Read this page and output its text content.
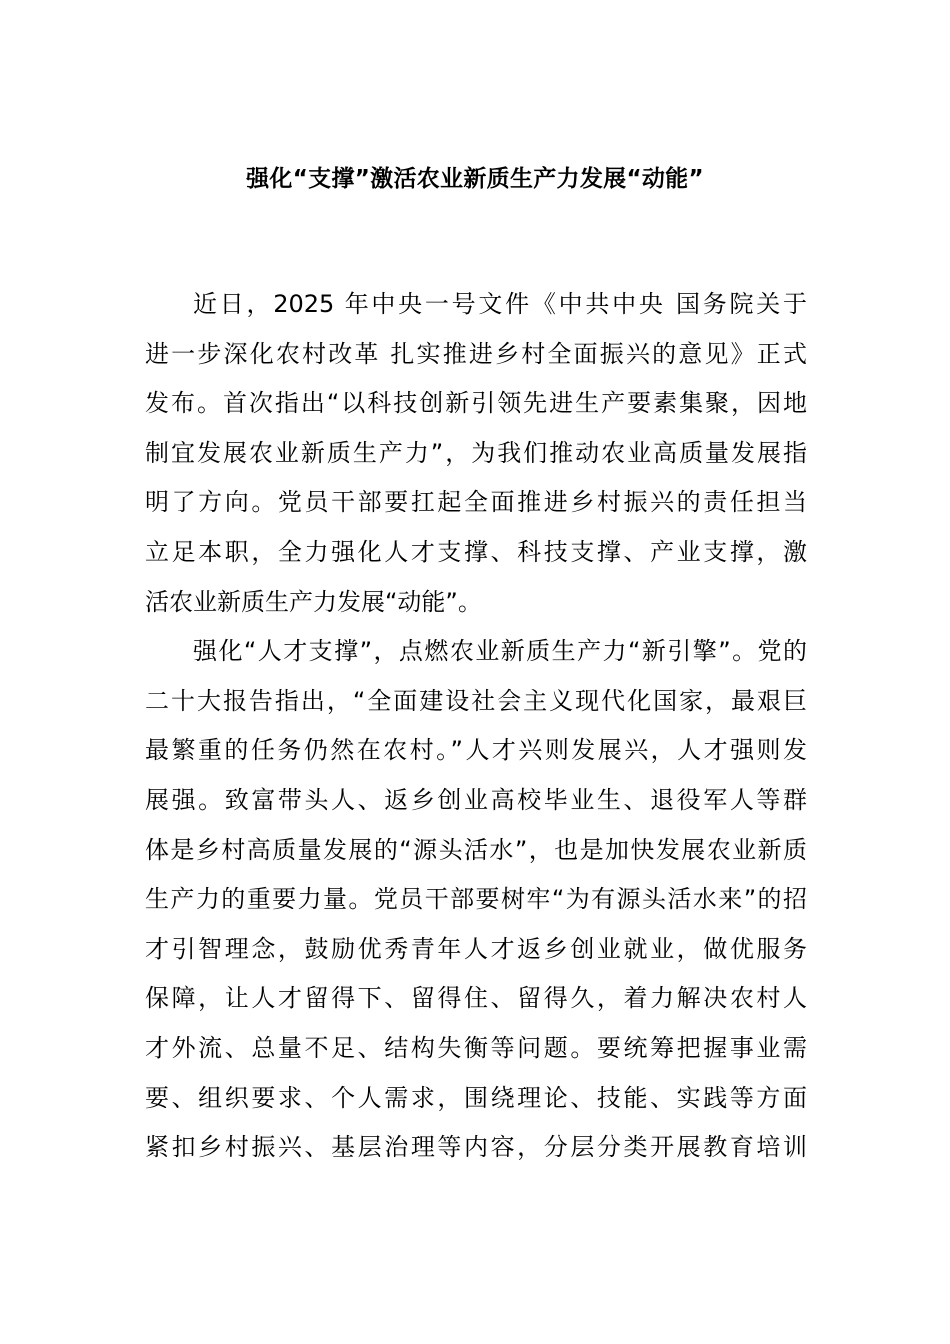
强化“支撑”激活农业新质生产力发展“动能”
近日，2025 年中央一号文件《中共中央 国务院关于
进一步深化农村改革 扎实推进乡村全面振兴的意见》正式
发布。首次指出“以科技创新引领先进生产要素集聚，因地
制宜发展农业新质生产力”，为我们推动农业高质量发展指
明了方向。党员干部要扛起全面推进乡村振兴的责任担当
立足本职，全力强化人才支撑、科技支撑、产业支撑，激
活农业新质生产力发展“动能”。
强化“人才支撑”，点燃农业新质生产力“新引擎”。党的
二十大报告指出，“全面建设社会主义现代化国家，最艰巨
最繁重的任务仍然在农村。”人才兴则发展兴，人才强则发
展强。致富带头人、返乡创业高校毕业生、退役军人等群
体是乡村高质量发展的“源头活水”，也是加快发展农业新质
生产力的重要力量。党员干部要树牢“为有源头活水来”的招
才引智理念，鼓励优秀青年人才返乡创业就业，做优服务
保障，让人才留得下、留得住、留得久，着力解决农村人
才外流、总量不足、结构失衡等问题。要统筹把握事业需
要、组织要求、个人需求，围绕理论、技能、实践等方面
紧扣乡村振兴、基层治理等内容，分层分类开展教育培训
